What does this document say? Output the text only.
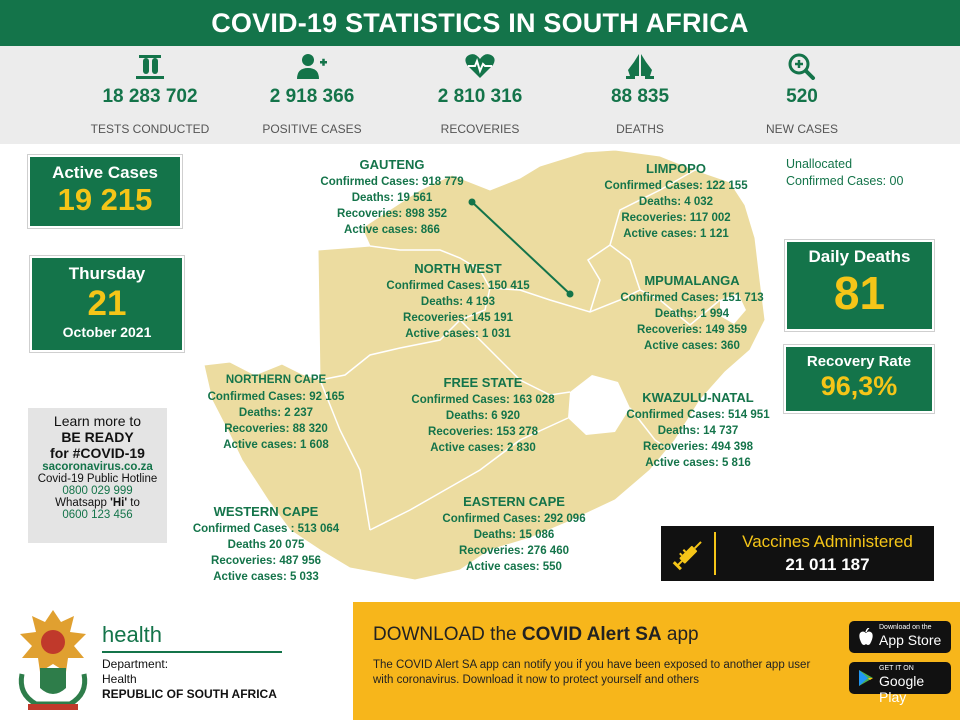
COVID-19 STATISTICS IN SOUTH AFRICA
18 283 702
TESTS CONDUCTED
2 918 366
POSITIVE CASES
2 810 316
RECOVERIES
88 835
DEATHS
520
NEW CASES
GAUTENG
Confirmed Cases: 918 779
Deaths: 19 561
Recoveries: 898 352
Active cases: 866
LIMPOPO
Confirmed Cases: 122 155
Deaths: 4 032
Recoveries: 117 002
Active cases: 1 121
NORTH WEST
Confirmed Cases: 150 415
Deaths: 4 193
Recoveries: 145 191
Active cases: 1 031
MPUMALANGA
Confirmed Cases: 151 713
Deaths: 1 994
Recoveries: 149 359
Active cases: 360
NORTHERN CAPE
Confirmed Cases: 92 165
Deaths: 2 237
Recoveries: 88 320
Active cases: 1 608
FREE STATE
Confirmed Cases: 163 028
Deaths: 6 920
Recoveries: 153 278
Active cases: 2 830
KWAZULU-NATAL
Confirmed Cases: 514 951
Deaths: 14 737
Recoveries: 494 398
Active cases: 5 816
WESTERN CAPE
Confirmed Cases : 513 064
Deaths 20 075
Recoveries: 487 956
Active cases: 5 033
EASTERN CAPE
Confirmed Cases: 292 096
Deaths: 15 086
Recoveries: 276 460
Active cases: 550
Active Cases
19 215
Thursday
21
October 2021
Unallocated
Confirmed Cases: 00
Daily Deaths
81
Recovery Rate
96,3%
Learn more to
BE READY
for #COVID-19
sacoronavirus.co.za
Covid-19 Public Hotline
0800 029 999
Whatsapp 'Hi' to
0600 123 456
Vaccines Administered
21 011 187
health
Department:
Health
REPUBLIC OF SOUTH AFRICA
DOWNLOAD the COVID Alert SA app
The COVID Alert SA app can notify you if you have been exposed to another app user with coronavirus. Download it now to protect yourself and others
Download on the
App Store
GET IT ON
Google Play
